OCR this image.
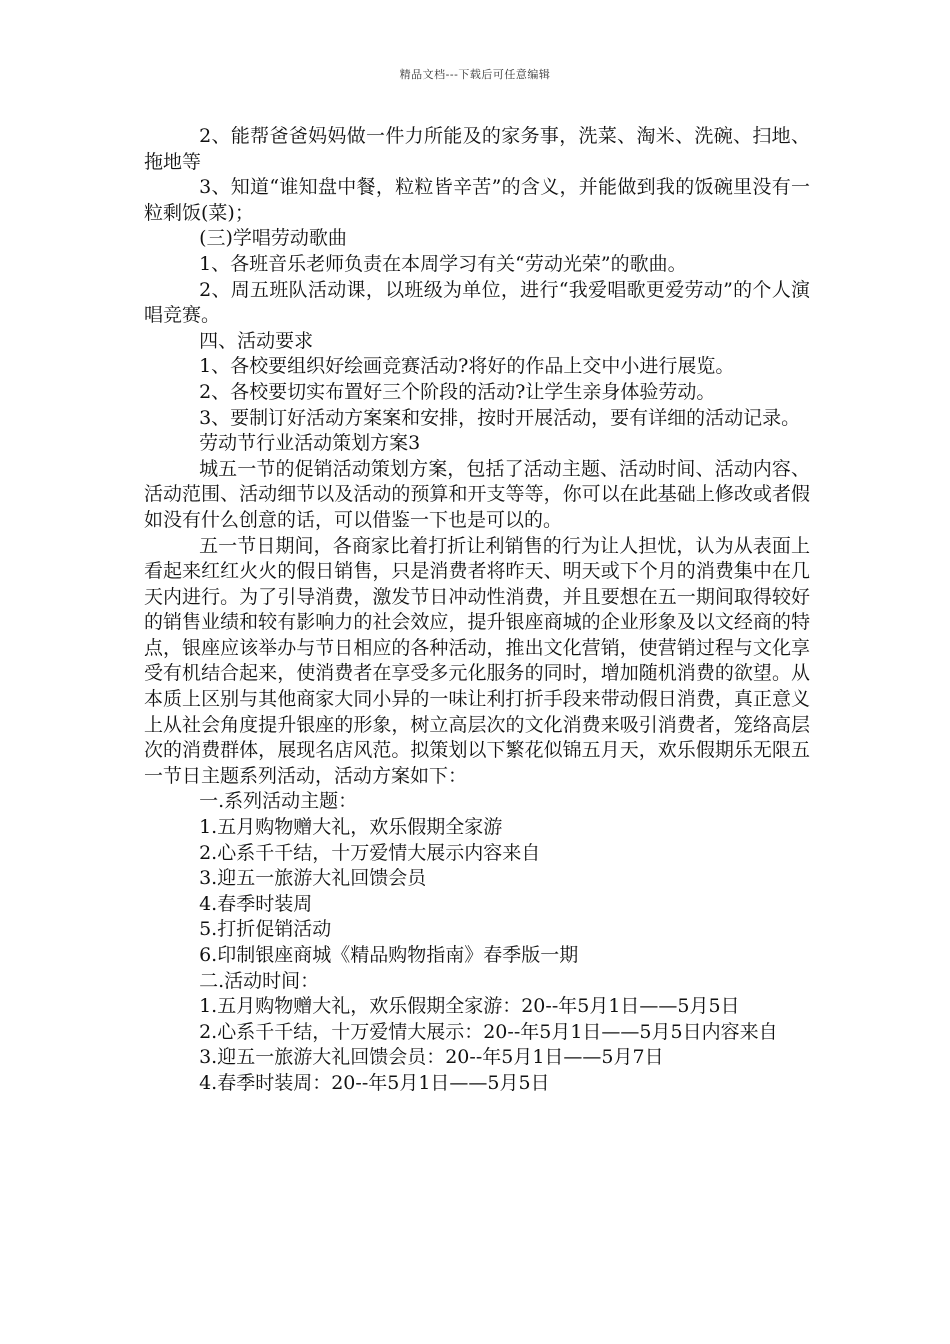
精品文档---下载后可任意编辑

2、能帮爸爸妈妈做一件力所能及的家务事，洗菜、淘米、洗碗、扫地、拖地等

3、知道“谁知盘中餐，粒粒皆辛苦”的含义，并能做到我的饭碗里没有一粒剩饭(菜)；

(三)学唱劳动歌曲

1、各班音乐老师负责在本周学习有关“劳动光荣”的歌曲。

2、周五班队活动课，以班级为单位，进行“我爱唱歌更爱劳动”的个人演唱竞赛。

四、活动要求

1、各校要组织好绘画竞赛活动?将好的作品上交中小进行展览。

2、各校要切实布置好三个阶段的活动?让学生亲身体验劳动。

3、要制订好活动方案案和安排，按时开展活动，要有详细的活动记录。

劳动节行业活动策划方案3

城五一节的促销活动策划方案，包括了活动主题、活动时间、活动内容、活动范围、活动细节以及活动的预算和开支等等，你可以在此基础上修改或者假如没有什么创意的话，可以借鉴一下也是可以的。

五一节日期间，各商家比着打折让利销售的行为让人担忧，认为从表面上看起来红红火火的假日销售，只是消费者将昨天、明天或下个月的消费集中在几天内进行。为了引导消费，激发节日冲动性消费，并且要想在五一期间取得较好的销售业绩和较有影响力的社会效应，提升银座商城的企业形象及以文经商的特点，银座应该举办与节日相应的各种活动，推出文化营销，使营销过程与文化享受有机结合起来，使消费者在享受多元化服务的同时，增加随机消费的欲望。从本质上区别与其他商家大同小异的一味让利打折手段来带动假日消费，真正意义上从社会角度提升银座的形象，树立高层次的文化消费来吸引消费者，笼络高层次的消费群体，展现名店风范。拟策划以下繁花似锦五月天，欢乐假期乐无限五一节日主题系列活动，活动方案如下：

一.系列活动主题：

1.五月购物赠大礼，欢乐假期全家游

2.心系千千结，十万爱情大展示内容来自

3.迎五一旅游大礼回馈会员

4.春季时装周

5.打折促销活动

6.印制银座商城《精品购物指南》春季版一期

二.活动时间：

1.五月购物赠大礼，欢乐假期全家游：20--年5月1日——5月5日

2.心系千千结，十万爱情大展示：20--年5月1日——5月5日内容来自

3.迎五一旅游大礼回馈会员：20--年5月1日——5月7日

4.春季时装周：20--年5月1日——5月5日
